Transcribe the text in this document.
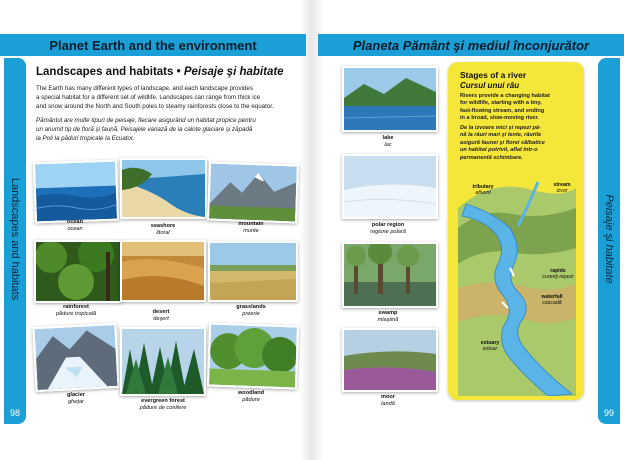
Planet Earth and the environment	Planeta Pământ şi mediul înconjurător
Landscapes and habitats	Peisaje şi habitate
98	99
Landscapes and habitats • Peisaje şi habitate
The Earth has many different types of landscape, and each landscape provides
a special habitat for a different set of wildlife. Landscapes can range from thick ice
and snow around the North and South poles to steamy rainforests close to the equator.
Pământul are multe tipuri de peisaje, fiecare asigurând un habitat propice pentru
un anumit tip de floră şi faună. Peisajele variază de la calote glaciare şi zăpadă
la Poli la păduri tropicale la Ecuator.
ocean
ocean	seashore
litoral
mountain
munte
rainforest
pădure tropicală	desert
deşert
grasslands
preerie
glacier
gheţar	evergreen forest
pădure de conifere
woodland
pădure
lake
lac
polar region
regiune polară
swamp
mlaştină
moor
landă
Stages of a river
Cursul unui râu
Rivers provide a changing habitat
for wildlife, starting with a tiny,
fast-flowing stream, and ending
in a broad, slow-moving river.
De la izvoare mici şi repezi pâ-
nă la râuri mari şi lente, râurile
asigură faunei şi florei sălbatice
un habitat potrivit, aflat într-o
permanentă schimbare.
tributary
afluent
stream
izvor
rapids
curenţi repezi
waterfall
cascadă
estuary
estuar
